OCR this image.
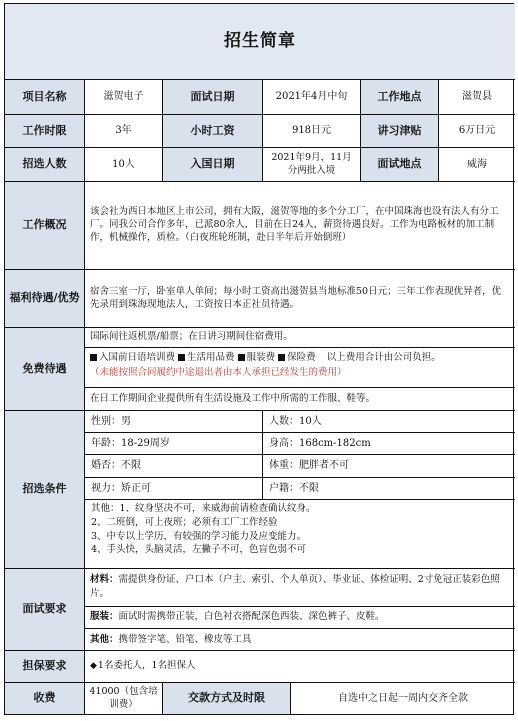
招生简章
项目名称	滋贺电子	面试日期	2021年4月中旬	工作地点	滋贺县
工作时限	3年	小时工资	918日元	讲习津贴	6万日元
招选人数	10人	入国日期	2021年9月，11月分两批入境	面试地点	威海
工作概况
该会社为西日本地区上市公司，拥有大阪，滋贺等地的多个分工厂，在中国珠海也设有法人有分工厂。同我公司合作多年，已派80余人，目前在日24人，薪资待遇良好。工作为电路板材的加工制作，机械操作，质检。（白夜班轮班制，赴日半年后开始倒班）
福利待遇/优势	宿舍三室一厅，卧室单人单间；每小时工资高出滋贺县当地标准50日元；三年工作表现优异者，优先录用到珠海现地法人，工资按日本正社员待遇。
免费待遇
国际间往返机票/船票；在日讲习期间住宿费用。
入国前日语培训费 生活用品费 服装费 保险费 以上费用合计由公司负担。
（未能按照合同履约中途退出者由本人承担已经发生的费用）
在日工作期间企业提供所有生活设施及工作中所需的工作服、鞋等。
招选条件
性别：男	人数：10人
年龄：18-29周岁	身高：168cm-182cm
婚否：不限	体重：肥胖者不可
视力：矫正可	户籍：不限
其他：1、纹身坚决不可，来威海前请检查确认纹身。
2、二班倒，可上夜班；必须有工厂工作经验
3、中专以上学历，有较强的学习能力及应变能力。
4、手头快，头脑灵活，左撇子不可，色盲色弱不可
面试要求
材料：需提供身份证、户口本（户主、索引、个人单页）、毕业证、体检证明、2寸免冠正装彩色照片。
服装： 面试时需携带正装，白色衬衣搭配深色西装、深色裤子、皮鞋。
其他： 携带签字笔、铅笔、橡皮等工具
担保要求	◆ 1名委托人，1名担保人
收费	41000（包含培训费）	交款方式及时限	自选中之日起一周内交齐全款
